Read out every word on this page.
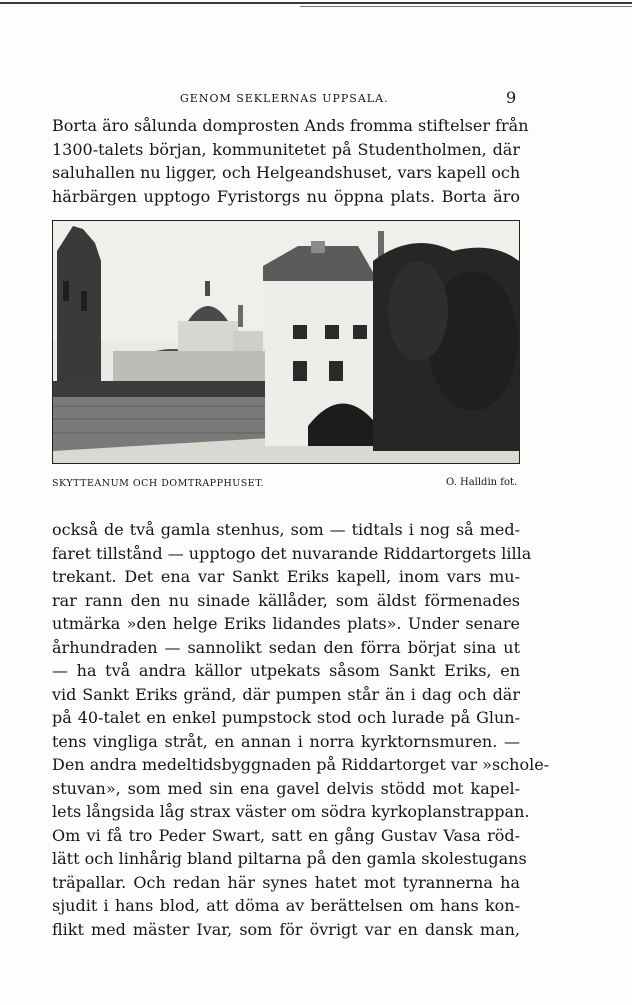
GENOM SEKLERNAS UPPSALA.	9
Borta äro sålunda domprosten Ands fromma stiftelser från
1300-talets början, kommunitetet på Studentholmen, där
saluhallen nu ligger, och Helgeandshuset, vars kapell och
härbärgen upptogo Fyristorgs nu öppna plats. Borta äro
SKYTTEANUM OCH DOMTRAPPHUSET.	O. Halldin fot.
också de två gamla stenhus, som — tidtals i nog så med-
faret tillstånd — upptogo det nuvarande Riddartorgets lilla
trekant. Det ena var Sankt Eriks kapell, inom vars mu-
rar rann den nu sinade källåder, som äldst förmenades
utmärka »den helge Eriks lidandes plats». Under senare
århundraden — sannolikt sedan den förra börjat sina ut
— ha två andra källor utpekats såsom Sankt Eriks, en
vid Sankt Eriks gränd, där pumpen står än i dag och där
på 40-talet en enkel pumpstock stod och lurade på Glun-
tens vingliga stråt, en annan i norra kyrktornsmuren. —
Den andra medeltidsbyggnaden på Riddartorget var »schole-
stuvan», som med sin ena gavel delvis stödd mot kapel-
lets långsida låg strax väster om södra kyrkoplanstrappan.
Om vi få tro Peder Swart, satt en gång Gustav Vasa röd-
lätt och linhårig bland piltarna på den gamla skolestugans
träpallar. Och redan här synes hatet mot tyrannerna ha
sjudit i hans blod, att döma av berättelsen om hans kon-
flikt med mäster Ivar, som för övrigt var en dansk man,
